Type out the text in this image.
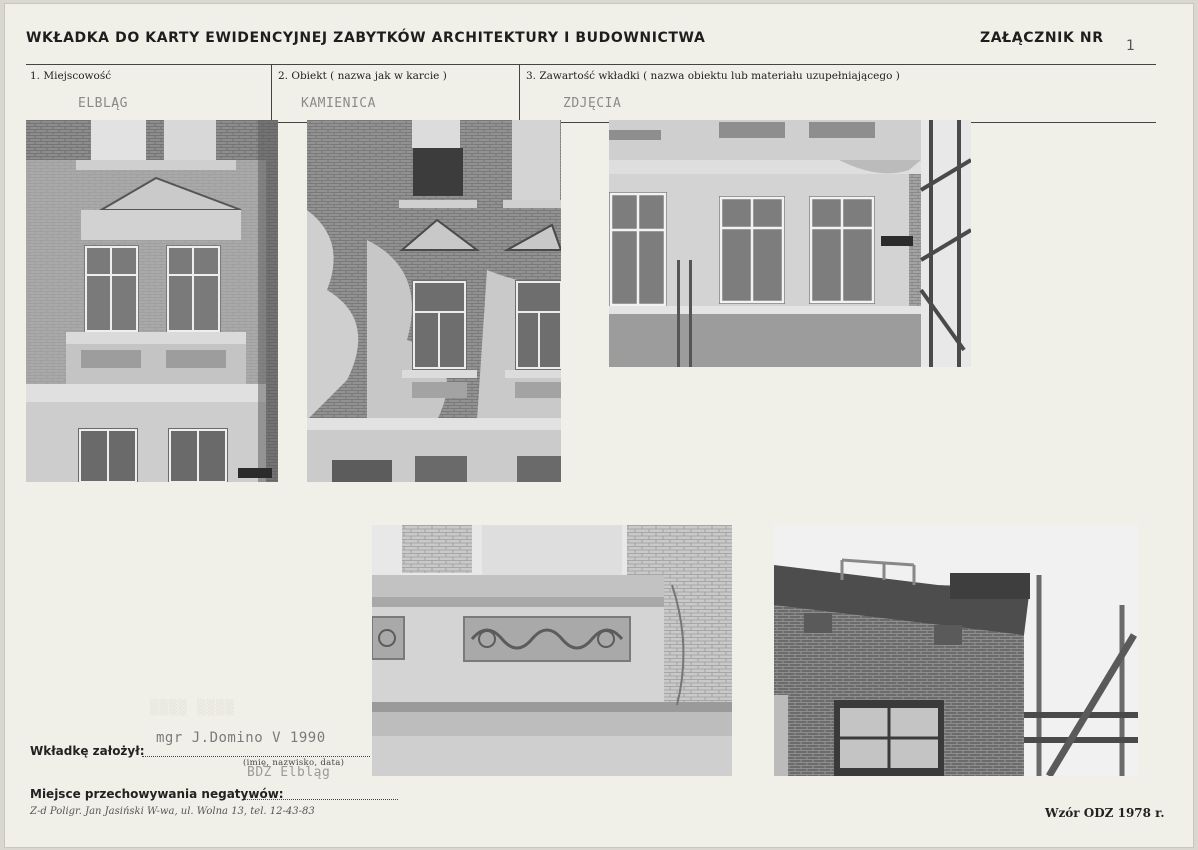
WKŁADKA DO KARTY EWIDENCYJNEJ ZABYTKÓW ARCHITEKTURY I BUDOWNICTWA	ZAŁĄCZNIK NR 1
1. Miejscowość	2. Obiekt ( nazwa jak w karcie )	3. Zawartość wkładki ( nazwa obiektu lub materiału uzupełniającego )
ELBLĄG	KAMIENICA	ZDJĘCIA
▒▒▒▒ ▒▒▒▒
Wkładkę założył:
mgr J.Domino V 1990
(imię, nazwisko, data)
BDZ Elbląg
Miejsce przechowywania negatywów:
Z-d Poligr. Jan Jasiński W-wa, ul. Wolna 13, tel. 12-43-83	Wzór ODZ 1978 r.
